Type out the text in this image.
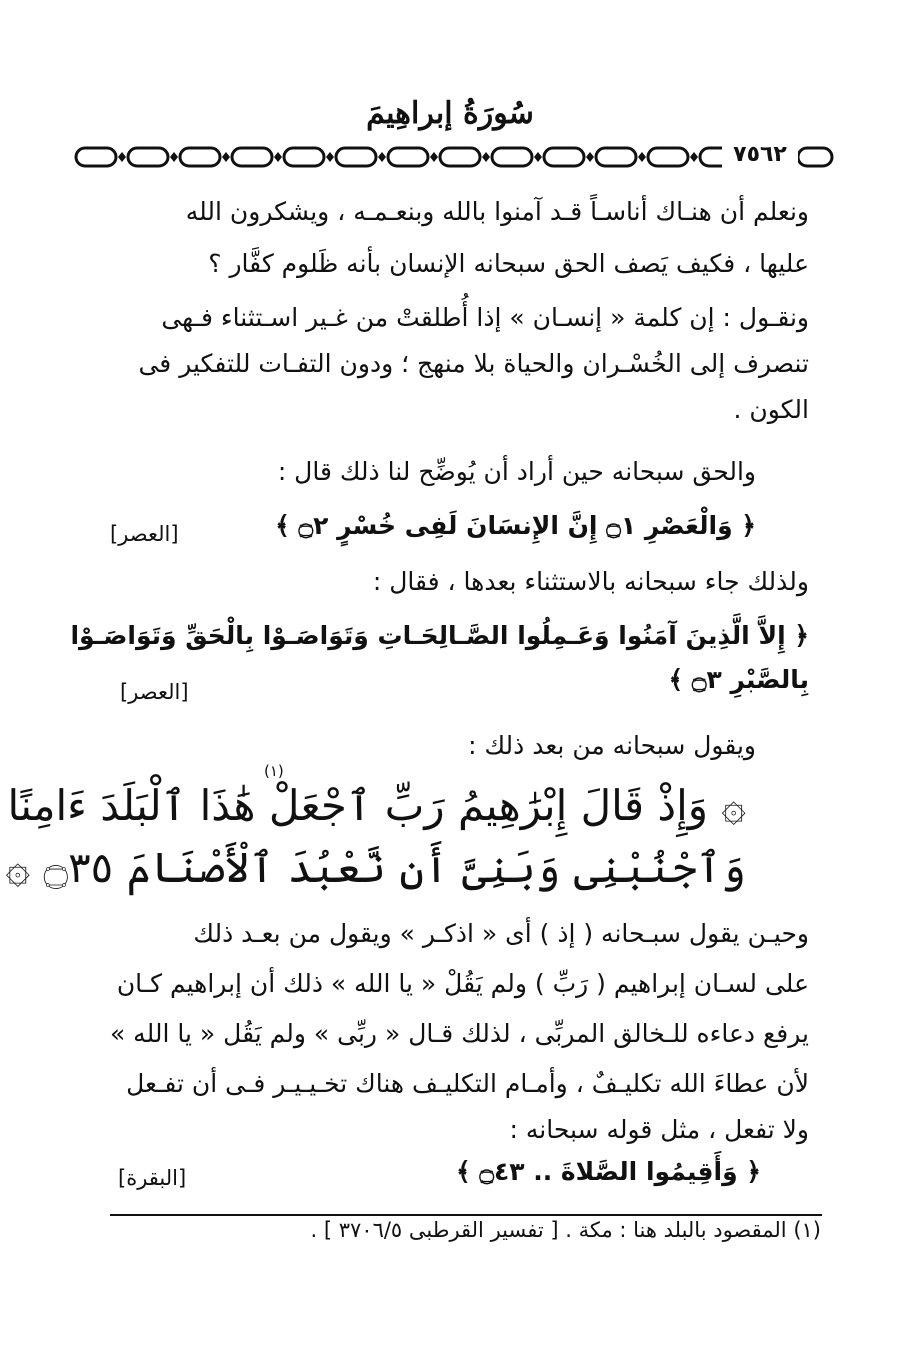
سُورَةُ إبراهِيمَ
٧٥٦٢
ونعلم أن هنـاك أناسـاً قـد آمنوا بالله وبنعـمـه ، ويشكرون الله
عليها ، فكيف يَصف الحق سبحانه الإنسان بأنه ظَلوم كفَّار ؟
ونقـول : إن كلمة « إنسـان » إذا أُطلقتْ من غـير اسـتثناء فـهى
تنصرف إلى الخُسْـران والحياة بلا منهج ؛ ودون التفـات للتفكير فى
الكون .
والحق سبحانه حين أراد أن يُوضِّح لنا ذلك قال :
﴿ وَالْعَصْرِ ۝١ إِنَّ الإِنسَانَ لَفِى خُسْرٍ ۝٢ ﴾
[العصر]
ولذلك جاء سبحانه بالاستثناء بعدها ، فقال :
﴿ إِلاَّ الَّذِينَ آمَنُوا وَعَـمِلُوا الصَّـالِحَـاتِ وَتَوَاصَـوْا بِالْحَقِّ وَتَوَاصَـوْا
بِالصَّبْرِ ۝٣ ﴾
[العصر]
ويقول سبحانه من بعد ذلك :
(١)
۞ وَإِذْ قَالَ إِبْرَٰهِيمُ رَبِّ ٱجْعَلْ هَٰذَا ٱلْبَلَدَ ءَامِنًا
وَٱجْنُبْنِى وَبَنِىَّ أَن نَّعْبُدَ ٱلْأَصْنَامَ ۝٣٥ ۞
وحيـن يقول سبـحانه ( إذ ) أى « اذكـر » ويقول من بعـد ذلك
على لسـان إبراهيم ( رَبِّ ) ولم يَقُلْ « يا الله » ذلك أن إبراهيم كـان
يرفع دعاءه للـخالق المربِّى ، لذلك قـال « ربِّى » ولم يَقُل « يا الله »
لأن عطاءَ الله تكليـفٌ ، وأمـام التكليـف هناك تخـيـيـر فـى أن تفـعل
ولا تفعل ، مثل قوله سبحانه :
﴿ وَأَقِيمُوا الصَّلاةَ .. ۝٤٣ ﴾
[البقرة]
(١) المقصود بالبلد هنا : مكة . [ تفسير القرطبى ٣٧٠٦/٥ ] .
